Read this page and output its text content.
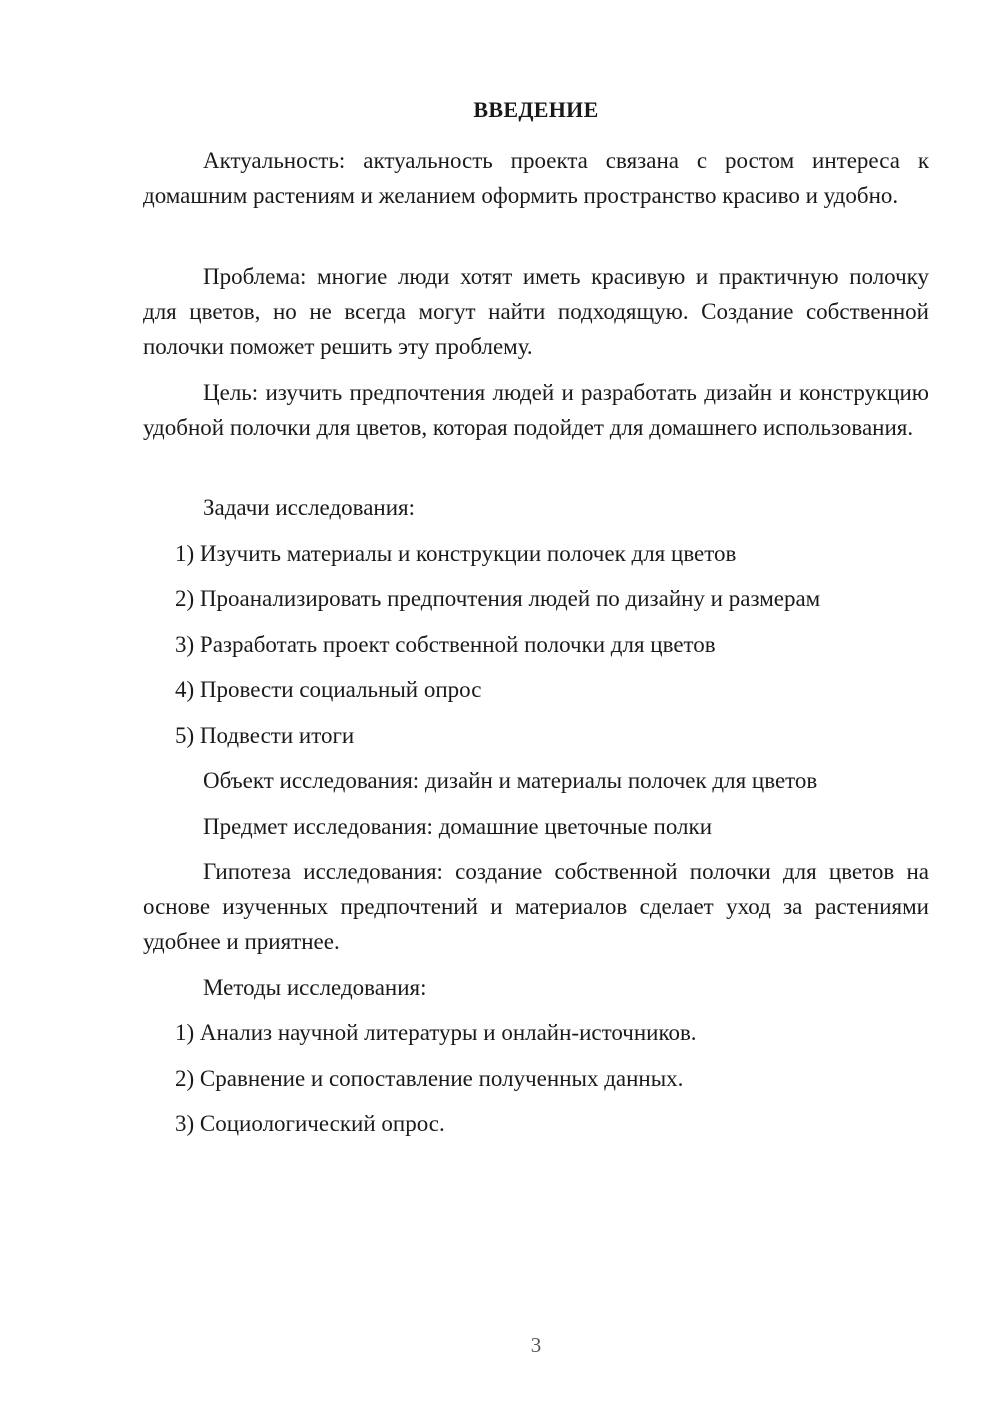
ВВЕДЕНИЕ
Актуальность: актуальность проекта связана с ростом интереса к домашним растениям и желанием оформить пространство красиво и удобно.
Проблема: многие люди хотят иметь красивую и практичную полочку для цветов, но не всегда могут найти подходящую. Создание собственной полочки поможет решить эту проблему.
Цель: изучить предпочтения людей и разработать дизайн и конструкцию удобной полочки для цветов, которая подойдет для домашнего использования.
Задачи исследования:
1) Изучить материалы и конструкции полочек для цветов
2) Проанализировать предпочтения людей по дизайну и размерам
3) Разработать проект собственной полочки для цветов
4) Провести социальный опрос
5) Подвести итоги
Объект исследования: дизайн и материалы полочек для цветов
Предмет исследования: домашние цветочные полки
Гипотеза исследования: создание собственной полочки для цветов на основе изученных предпочтений и материалов сделает уход за растениями удобнее и приятнее.
Методы исследования:
1) Анализ научной литературы и онлайн-источников.
2) Сравнение и сопоставление полученных данных.
3) Социологический опрос.
3
